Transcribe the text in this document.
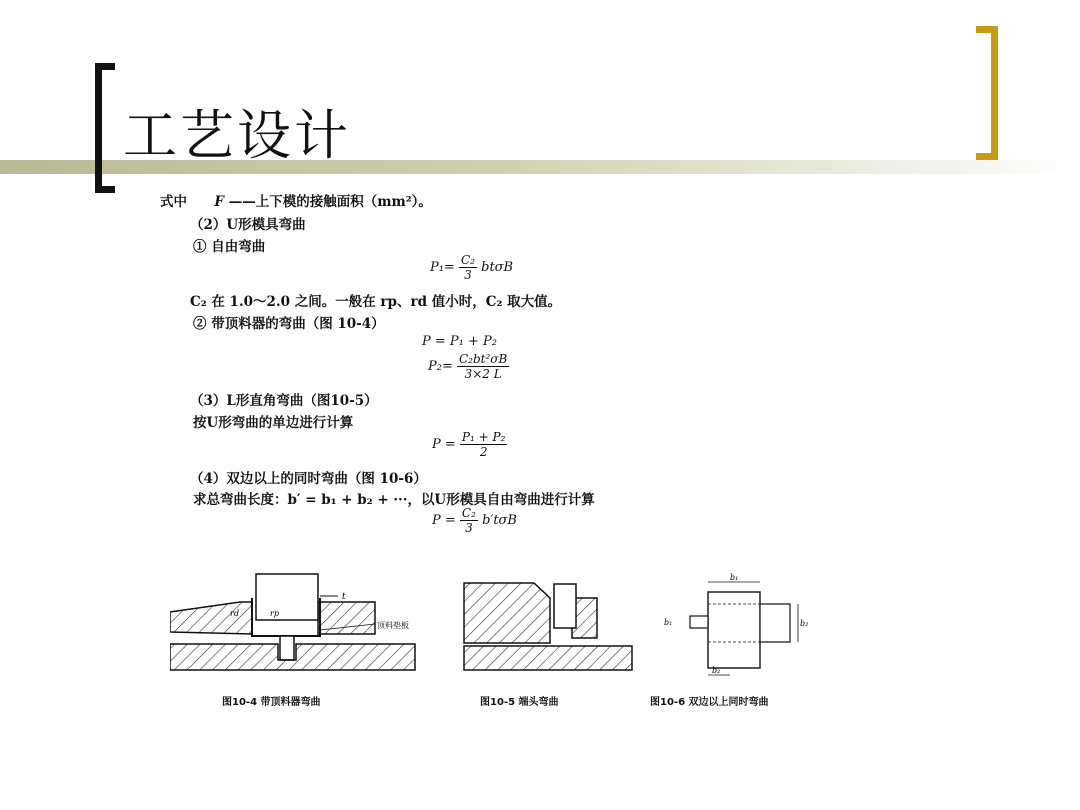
工艺设计
式中 F ——上下模的接触面积（mm²）。
（2）U形模具弯曲
① 自由弯曲
$P_1= \frac{\text{C₂}}{3}$ btσB
C₂ 在 1.0～2.0 之间。一般在 rp、rd 值小时，C₂ 取大值。
② 带顶料器的弯曲（图 10-4）
P = P₁ + P₂
$P_2= \frac{\text{C₂bt²σB}}{3\times 2 L}$
（3）L形直角弯曲（图10-5）
按U形弯曲的单边进行计算
$P = \frac{\text{P₁ + P₂}}{2}$
（4）双边以上的同时弯曲（图 10-6）
求总弯曲长度：b′ = b₁ + b₂ + ···，以U形模具自由弯曲进行计算
$P = \frac{\text{C₂}}{3} b't\sigma B$
t
rp
rd
顶料垫板
图10-4 带顶料器弯曲	图10-5 端头弯曲
b₁
b₁	b₂
b₂
图10-6 双边以上同时弯曲
